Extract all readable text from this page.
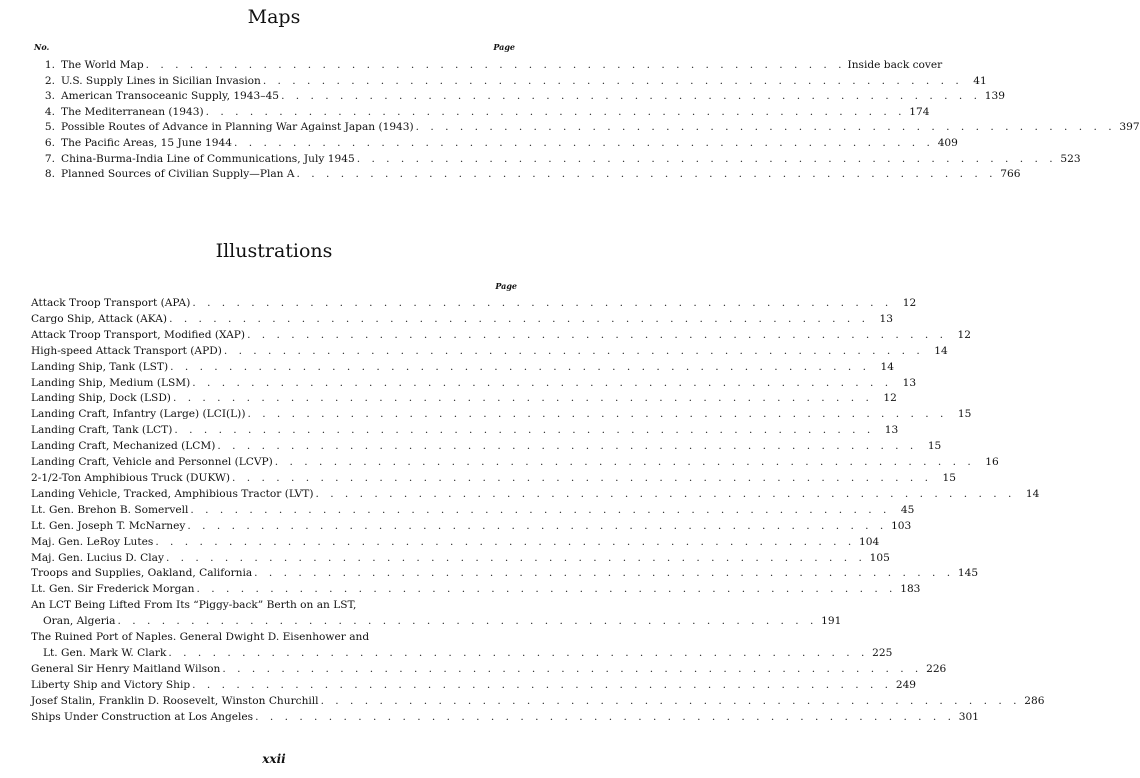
Maps
No.	Page
1. The World Map . . . . . . . . . . . . . . . . . . . . . . . . . . . . . . . . . . . . . . . . . . . . . . . . Inside back cover
2. U.S. Supply Lines in Sicilian Invasion . . . . . . . . . . . . . . . . . . . . . . . . . . . . . . . . . . . . . . . . . . . . . . . . 41
3. American Transoceanic Supply, 1943–45 . . . . . . . . . . . . . . . . . . . . . . . . . . . . . . . . . . . . . . . . . . . . . . . . 139
4. The Mediterranean (1943) . . . . . . . . . . . . . . . . . . . . . . . . . . . . . . . . . . . . . . . . . . . . . . . . 174
5. Possible Routes of Advance in Planning War Against Japan (1943) . . . . . . . . . . . . . . . . . . . . . . . . . . . . . . . . . . . . . . . . . . . . . . . . 397
6. The Pacific Areas, 15 June 1944 . . . . . . . . . . . . . . . . . . . . . . . . . . . . . . . . . . . . . . . . . . . . . . . . 409
7. China-Burma-India Line of Communications, July 1945 . . . . . . . . . . . . . . . . . . . . . . . . . . . . . . . . . . . . . . . . . . . . . . . . 523
8. Planned Sources of Civilian Supply—Plan A . . . . . . . . . . . . . . . . . . . . . . . . . . . . . . . . . . . . . . . . . . . . . . . . 766
Illustrations
Page
Attack Troop Transport (APA) . . . . . . . . . . . . . . . . . . . . . . . . . . . . . . . . . . . . . . . . . . . . . . . . 12
Cargo Ship, Attack (AKA) . . . . . . . . . . . . . . . . . . . . . . . . . . . . . . . . . . . . . . . . . . . . . . . . 13
Attack Troop Transport, Modified (XAP) . . . . . . . . . . . . . . . . . . . . . . . . . . . . . . . . . . . . . . . . . . . . . . . . 12
High-speed Attack Transport (APD) . . . . . . . . . . . . . . . . . . . . . . . . . . . . . . . . . . . . . . . . . . . . . . . . 14
Landing Ship, Tank (LST) . . . . . . . . . . . . . . . . . . . . . . . . . . . . . . . . . . . . . . . . . . . . . . . . 14
Landing Ship, Medium (LSM) . . . . . . . . . . . . . . . . . . . . . . . . . . . . . . . . . . . . . . . . . . . . . . . . 13
Landing Ship, Dock (LSD) . . . . . . . . . . . . . . . . . . . . . . . . . . . . . . . . . . . . . . . . . . . . . . . . 12
Landing Craft, Infantry (Large) (LCI(L)) . . . . . . . . . . . . . . . . . . . . . . . . . . . . . . . . . . . . . . . . . . . . . . . . 15
Landing Craft, Tank (LCT) . . . . . . . . . . . . . . . . . . . . . . . . . . . . . . . . . . . . . . . . . . . . . . . . 13
Landing Craft, Mechanized (LCM) . . . . . . . . . . . . . . . . . . . . . . . . . . . . . . . . . . . . . . . . . . . . . . . . 15
Landing Craft, Vehicle and Personnel (LCVP) . . . . . . . . . . . . . . . . . . . . . . . . . . . . . . . . . . . . . . . . . . . . . . . . 16
2-1/2-Ton Amphibious Truck (DUKW) . . . . . . . . . . . . . . . . . . . . . . . . . . . . . . . . . . . . . . . . . . . . . . . . 15
Landing Vehicle, Tracked, Amphibious Tractor (LVT) . . . . . . . . . . . . . . . . . . . . . . . . . . . . . . . . . . . . . . . . . . . . . . . . 14
Lt. Gen. Brehon B. Somervell . . . . . . . . . . . . . . . . . . . . . . . . . . . . . . . . . . . . . . . . . . . . . . . . 45
Lt. Gen. Joseph T. McNarney . . . . . . . . . . . . . . . . . . . . . . . . . . . . . . . . . . . . . . . . . . . . . . . . 103
Maj. Gen. LeRoy Lutes . . . . . . . . . . . . . . . . . . . . . . . . . . . . . . . . . . . . . . . . . . . . . . . . 104
Maj. Gen. Lucius D. Clay . . . . . . . . . . . . . . . . . . . . . . . . . . . . . . . . . . . . . . . . . . . . . . . . 105
Troops and Supplies, Oakland, California . . . . . . . . . . . . . . . . . . . . . . . . . . . . . . . . . . . . . . . . . . . . . . . . 145
Lt. Gen. Sir Frederick Morgan . . . . . . . . . . . . . . . . . . . . . . . . . . . . . . . . . . . . . . . . . . . . . . . . 183
An LCT Being Lifted From Its “Piggy-back” Berth on an LST,
Oran, Algeria . . . . . . . . . . . . . . . . . . . . . . . . . . . . . . . . . . . . . . . . . . . . . . . . 191
The Ruined Port of Naples. General Dwight D. Eisenhower and
Lt. Gen. Mark W. Clark . . . . . . . . . . . . . . . . . . . . . . . . . . . . . . . . . . . . . . . . . . . . . . . . 225
General Sir Henry Maitland Wilson . . . . . . . . . . . . . . . . . . . . . . . . . . . . . . . . . . . . . . . . . . . . . . . . 226
Liberty Ship and Victory Ship . . . . . . . . . . . . . . . . . . . . . . . . . . . . . . . . . . . . . . . . . . . . . . . . 249
Josef Stalin, Franklin D. Roosevelt, Winston Churchill . . . . . . . . . . . . . . . . . . . . . . . . . . . . . . . . . . . . . . . . . . . . . . . . 286
Ships Under Construction at Los Angeles . . . . . . . . . . . . . . . . . . . . . . . . . . . . . . . . . . . . . . . . . . . . . . . . 301
xxii
